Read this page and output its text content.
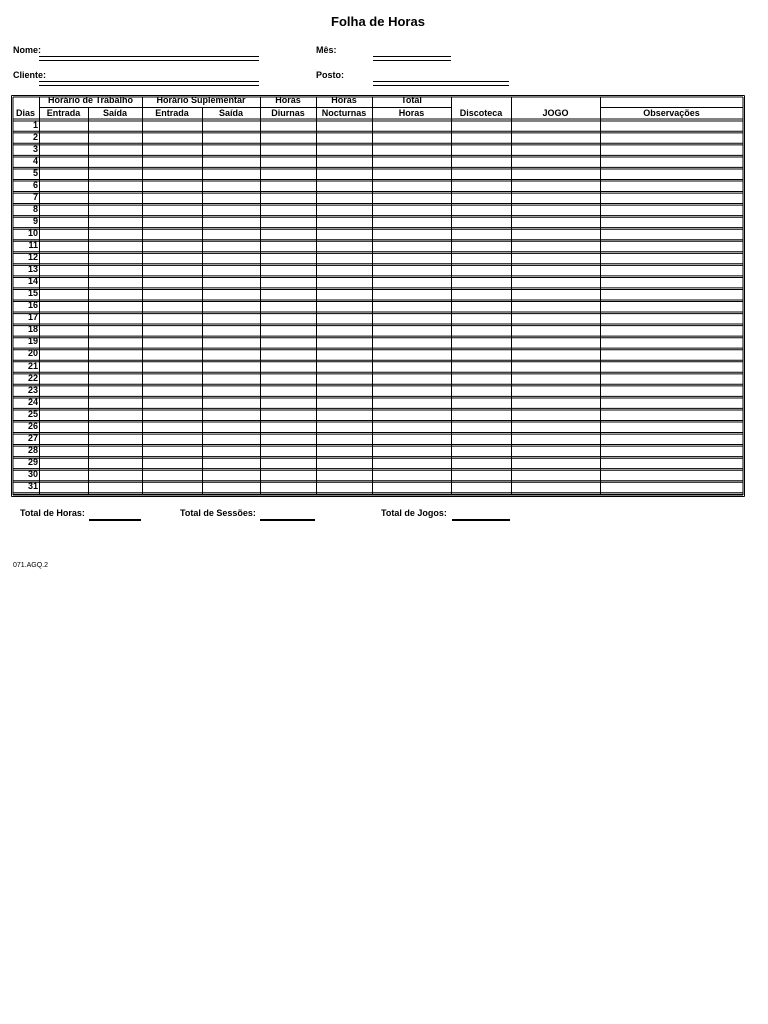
Folha de Horas
Nome:	Mês:
Cliente:	Posto:
Horário de Trabalho	Horário Suplementar	Horas	Horas	Total
Dias	Entrada	Saída	Entrada	Saída	Diurnas	Nocturnas	Horas	Discoteca	JOGO	Observações
1
2
3
4
5
6
7
8
9
10
11
12
13
14
15
16
17
18
19
20
21
22
23
24
25
26
27
28
29
30
31
Total de Horas:	Total de Sessões:	Total de Jogos:
071.AGQ.2
